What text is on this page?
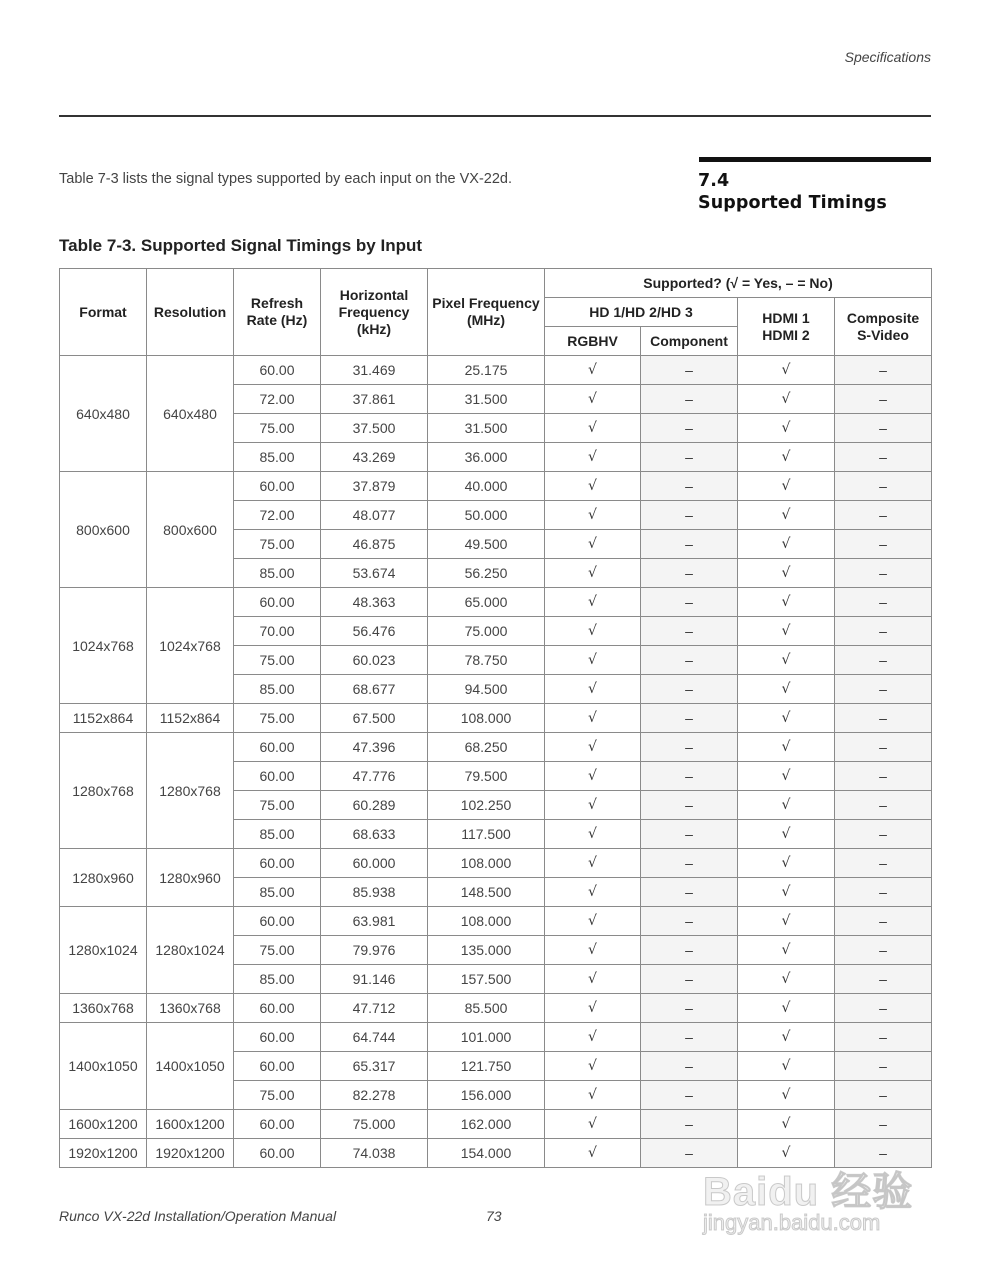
Specifications
Table 7-3 lists the signal types supported by each input on the VX-22d.	7.4
Supported Timings
Table 7-3. Supported Signal Timings by Input
Format	Resolution	Refresh Rate (Hz)	Horizontal Frequency (kHz)	Pixel Frequency (MHz)	Supported? (√ = Yes, – = No)			
					HD 1/HD 2/HD 3		HDMI 1 HDMI 2	Composite S-Video
					RGBHV	Component		
640x480	640x480	60.00	31.469	25.175	√	–	√	–
		72.00	37.861	31.500	√	–	√	–
		75.00	37.500	31.500	√	–	√	–
		85.00	43.269	36.000	√	–	√	–
800x600	800x600	60.00	37.879	40.000	√	–	√	–
		72.00	48.077	50.000	√	–	√	–
		75.00	46.875	49.500	√	–	√	–
		85.00	53.674	56.250	√	–	√	–
1024x768	1024x768	60.00	48.363	65.000	√	–	√	–
		70.00	56.476	75.000	√	–	√	–
		75.00	60.023	78.750	√	–	√	–
		85.00	68.677	94.500	√	–	√	–
1152x864	1152x864	75.00	67.500	108.000	√	–	√	–
1280x768	1280x768	60.00	47.396	68.250	√	–	√	–
		60.00	47.776	79.500	√	–	√	–
		75.00	60.289	102.250	√	–	√	–
		85.00	68.633	117.500	√	–	√	–
1280x960	1280x960	60.00	60.000	108.000	√	–	√	–
		85.00	85.938	148.500	√	–	√	–
1280x1024	1280x1024	60.00	63.981	108.000	√	–	√	–
		75.00	79.976	135.000	√	–	√	–
		85.00	91.146	157.500	√	–	√	–
1360x768	1360x768	60.00	47.712	85.500	√	–	√	–
1400x1050	1400x1050	60.00	64.744	101.000	√	–	√	–
		60.00	65.317	121.750	√	–	√	–
		75.00	82.278	156.000	√	–	√	–
1600x1200	1600x1200	60.00	75.000	162.000	√	–	√	–
1920x1200	1920x1200	60.00	74.038	154.000	√	–	√	–
Runco VX-22d Installation/Operation Manual	73
Baidu 经验
jingyan.baidu.com
